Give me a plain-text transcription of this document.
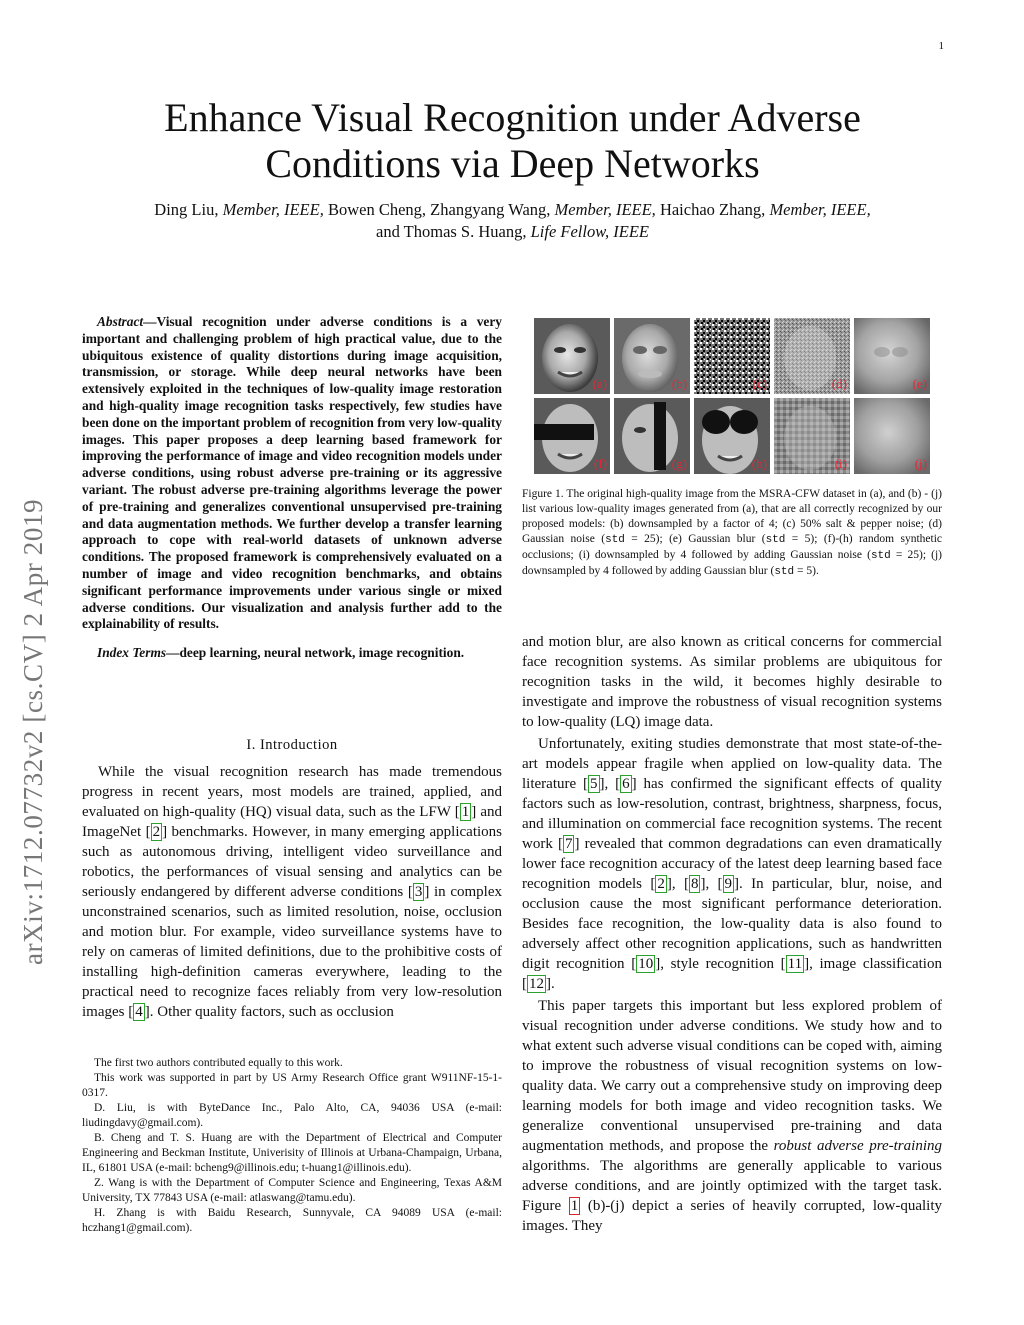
1
arXiv:1712.07732v2 [cs.CV] 2 Apr 2019
Enhance Visual Recognition under Adverse
Conditions via Deep Networks
Ding Liu, Member, IEEE, Bowen Cheng, Zhangyang Wang, Member, IEEE, Haichao Zhang, Member, IEEE,
and Thomas S. Huang, Life Fellow, IEEE

Abstract—Visual recognition under adverse conditions is a very important and challenging problem of high practical value, due to the ubiquitous existence of quality distortions during image acquisition, transmission, or storage. While deep neural networks have been extensively exploited in the techniques of low-quality image restoration and high-quality image recognition tasks respectively, few studies have been done on the important problem of recognition from very low-quality images. This paper proposes a deep learning based framework for improving the performance of image and video recognition models under adverse conditions, using robust adverse pre-training or its aggressive variant. The robust adverse pre-training algorithms leverage the power of pre-training and generalizes conventional unsupervised pre-training and data augmentation methods. We further develop a transfer learning approach to cope with real-world datasets of unknown adverse conditions. The proposed framework is comprehensively evaluated on a number of image and video recognition benchmarks, and obtains significant performance improvements under various single or mixed adverse conditions. Our visualization and analysis further add to the explainability of results.

Index Terms—deep learning, neural network, image recognition.

I. Introduction

While the visual recognition research has made tremendous progress in recent years, most models are trained, applied, and evaluated on high-quality (HQ) visual data, such as the LFW [ 1 ] and ImageNet [ 2 ] benchmarks. However, in many emerging applications such as autonomous driving, intelligent video surveillance and robotics, the performances of visual sensing and analytics can be seriously endangered by different adverse conditions [ 3 ] in complex unconstrained scenarios, such as limited resolution, noise, occlusion and motion blur. For example, video surveillance systems have to rely on cameras of limited definitions, due to the prohibitive costs of installing high-definition cameras everywhere, leading to the practical need to recognize faces reliably from very low-resolution images [ 4 ]. Other quality factors, such as occlusion

The first two authors contributed equally to this work.

This work was supported in part by US Army Research Office grant W911NF-15-1-0317.

D. Liu, is with ByteDance Inc., Palo Alto, CA, 94036 USA (e-mail: liudingdavy@gmail.com).

B. Cheng and T. S. Huang are with the Department of Electrical and Computer Engineering and Beckman Institute, Univerisity of Illinois at Urbana-Champaign, Urbana, IL, 61801 USA (e-mail: bcheng9@illinois.edu; t-huang1@illinois.edu).

Z. Wang is with the Department of Computer Science and Engineering, Texas A&M University, TX 77843 USA (e-mail: atlaswang@tamu.edu).

H. Zhang is with Baidu Research, Sunnyvale, CA 94089 USA (e-mail: hczhang1@gmail.com).

(a)	(b)	(c)	(d)	(e)
(f)	(g)	(h)	(i)	(j)
Figure 1. The original high-quality image from the MSRA-CFW dataset in (a), and (b) - (j) list various low-quality images generated from (a), that are all correctly recognized by our proposed models: (b) downsampled by a factor of 4; (c) 50% salt & pepper noise; (d) Gaussian noise (std = 25); (e) Gaussian blur (std = 5); (f)-(h) random synthetic occlusions; (i) downsampled by 4 followed by adding Gaussian noise (std = 25); (j) downsampled by 4 followed by adding Gaussian blur (std = 5).

and motion blur, are also known as critical concerns for commercial face recognition systems. As similar problems are ubiquitous for recognition tasks in the wild, it becomes highly desirable to investigate and improve the robustness of visual recognition systems to low-quality (LQ) image data.

Unfortunately, exiting studies demonstrate that most state-of-the-art models appear fragile when applied on low-quality data. The literature [ 5 ], [ 6 ] has confirmed the significant effects of quality factors such as low-resolution, contrast, brightness, sharpness, focus, and illumination on commercial face recognition systems. The recent work [ 7 ] revealed that common degradations can even dramatically lower face recognition accuracy of the latest deep learning based face recognition models [ 2 ], [ 8 ], [ 9 ]. In particular, blur, noise, and occlusion cause the most significant performance deterioration. Besides face recognition, the low-quality data is also found to adversely affect other recognition applications, such as handwritten digit recognition [ 10 ], style recognition [ 11 ], image classification [ 12 ].

This paper targets this important but less explored problem of visual recognition under adverse conditions. We study how and to what extent such adverse visual conditions can be coped with, aiming to improve the robustness of visual recognition systems on low-quality data. We carry out a comprehensive study on improving deep learning models for both image and video recognition tasks. We generalize conventional unsupervised pre-training and data augmentation methods, and propose the robust adverse pre-training algorithms. The algorithms are generally applicable to various adverse conditions, and are jointly optimized with the target task. Figure 1 (b)-(j) depict a series of heavily corrupted, low-quality images. They
